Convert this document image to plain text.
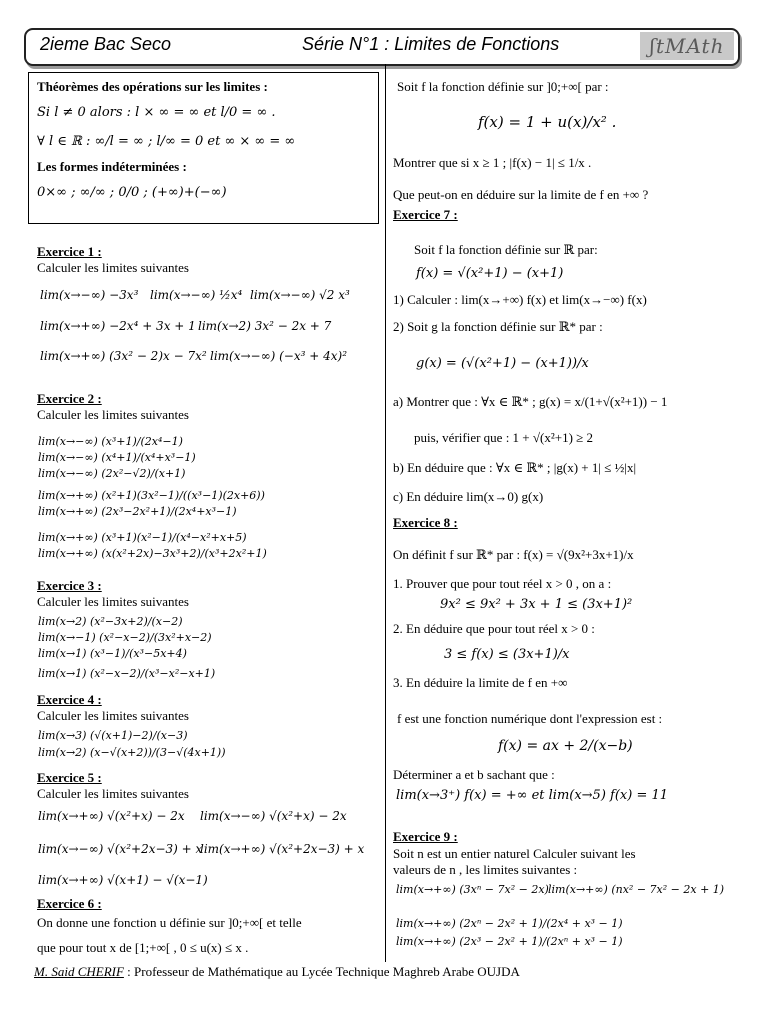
2ieme Bac Seco	Série N°1 : Limites de Fonctions	ʃtMAth
Théorèmes des opérations sur les limites :
Si l ≠ 0 alors : l × ∞ = ∞ et l/0 = ∞ .
∀ l ∈ ℝ : ∞/l = ∞ ; l/∞ = 0 et ∞ × ∞ = ∞
Les formes indéterminées :
0×∞ ; ∞/∞ ; 0/0 ; (+∞)+(−∞)
Exercice 1 :
Calculer les limites suivantes
lim(x→−∞) −3x³ lim(x→−∞) ½x⁴ lim(x→−∞) √2 x³
lim(x→+∞) −2x⁴ + 3x + 1 lim(x→2) 3x² − 2x + 7
lim(x→+∞) (3x² − 2)x − 7x² lim(x→−∞) (−x³ + 4x)²
Exercice 2 :
Calculer les limites suivantes
lim(x→−∞) (x³+1)/(2x⁴−1)
lim(x→−∞) (x⁴+1)/(x⁴+x³−1)
lim(x→−∞) (2x²−√2)/(x+1)
lim(x→+∞) (x²+1)(3x²−1)/((x³−1)(2x+6))
lim(x→+∞) (2x³−2x²+1)/(2x⁴+x³−1)
lim(x→+∞) (x³+1)(x²−1)/(x⁴−x²+x+5)
lim(x→+∞) (x(x²+2x)−3x³+2)/(x³+2x²+1)
Exercice 3 :
Calculer les limites suivantes
lim(x→2) (x²−3x+2)/(x−2)
lim(x→−1) (x²−x−2)/(3x²+x−2)
lim(x→1) (x³−1)/(x³−5x+4)
lim(x→1) (x²−x−2)/(x³−x²−x+1)
Exercice 4 :
Calculer les limites suivantes
lim(x→3) (√(x+1)−2)/(x−3)
lim(x→2) (x−√(x+2))/(3−√(4x+1))
Exercice 5 :
Calculer les limites suivantes
lim(x→+∞) √(x²+x) − 2x lim(x→−∞) √(x²+x) − 2x
lim(x→−∞) √(x²+2x−3) + x
lim(x→+∞) √(x²+2x−3) + x
lim(x→+∞) √(x+1) − √(x−1)
Exercice 6 :
On donne une fonction u définie sur ]0;+∞[ et telle
que pour tout x de [1;+∞[ , 0 ≤ u(x) ≤ x .
Soit f la fonction définie sur ]0;+∞[ par :
f(x) = 1 + u(x)/x² .
Montrer que si x ≥ 1 ; |f(x) − 1| ≤ 1/x .
Que peut-on en déduire sur la limite de f en +∞ ?
Exercice 7 :
Soit f la fonction définie sur ℝ par:
f(x) = √(x²+1) − (x+1)
1) Calculer : lim(x→+∞) f(x) et lim(x→−∞) f(x)
2) Soit g la fonction définie sur ℝ* par :
g(x) = (√(x²+1) − (x+1))/x
a) Montrer que : ∀x ∈ ℝ* ; g(x) = x/(1+√(x²+1)) − 1
puis, vérifier que : 1 + √(x²+1) ≥ 2
b) En déduire que : ∀x ∈ ℝ* ; |g(x) + 1| ≤ ½|x|
c) En déduire lim(x→0) g(x)
Exercice 8 :
On définit f sur ℝ* par : f(x) = √(9x²+3x+1)/x
1. Prouver que pour tout réel x > 0 , on a :
9x² ≤ 9x² + 3x + 1 ≤ (3x+1)²
2. En déduire que pour tout réel x > 0 :
3 ≤ f(x) ≤ (3x+1)/x
3. En déduire la limite de f en +∞
f est une fonction numérique dont l'expression est :
f(x) = ax + 2/(x−b)
Déterminer a et b sachant que :
lim(x→3⁺) f(x) = +∞ et lim(x→5) f(x) = 11
Exercice 9 :
Soit n est un entier naturel Calculer suivant les
valeurs de n , les limites suivantes :
lim(x→+∞) (3xⁿ − 7x² − 2x) lim(x→+∞) (nx² − 7x² − 2x + 1)
lim(x→+∞) (2xⁿ − 2x² + 1)/(2x⁴ + x³ − 1)
lim(x→+∞) (2x³ − 2x² + 1)/(2xⁿ + x³ − 1)
M. Said CHERIF : Professeur de Mathématique au Lycée Technique Maghreb Arabe OUJDA
